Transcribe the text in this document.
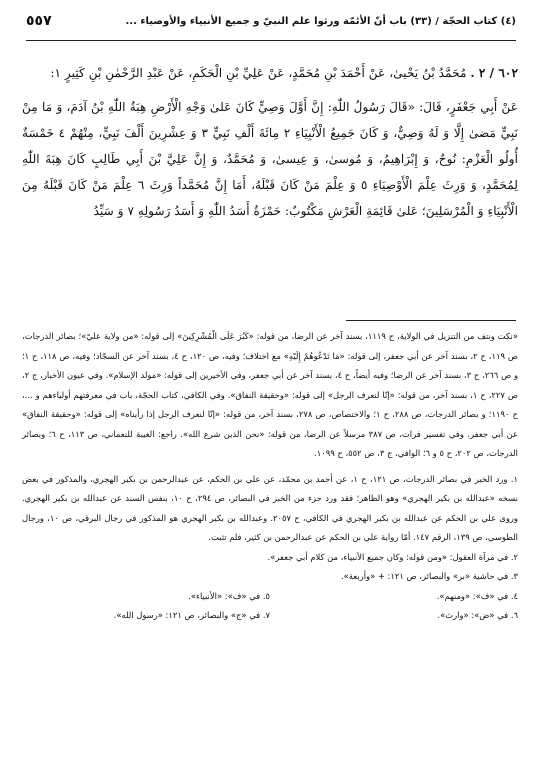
(٤) كتاب الحجّة / (٣٣) باب أنّ الأئمّة ورثوا علم النبيّ و جميع الأنبياء والأوصياء ...
٥٥٧

٦٠٢ / ٢ . مُحَمَّدُ بْنُ يَحْيىٰ، عَنْ أَحْمَدَ بْنِ مُحَمَّدٍ، عَنْ عَلِيِّ بْنِ الْحَكَمِ، عَنْ عَبْدِ الرَّحْمٰنِ بْنِ كَثِيرٍ ١:

عَنْ أَبِي جَعْفَرٍ، قَالَ: «قَالَ رَسُولُ اللّٰهِ: إِنَّ أَوَّلَ وَصِيٍّ كَانَ عَلىٰ وَجْهِ الْأَرْضِ هِبَةُ اللّٰهِ بْنُ آدَمَ، وَ مَا مِنْ نَبِيٍّ مَضىٰ إِلَّا وَ لَهُ وَصِيٌّ، وَ كَانَ جَمِيعُ الْأَنْبِيَاءِ ٢ مِائَةَ أَلْفِ نَبِيٍّ ٣ وَ عِشْرِينَ أَلْفَ نَبِيٍّ، مِنْهُمْ ٤ خَمْسَةٌ أُولُو الْعَزْمِ: نُوحٌ، وَ إِبْرَاهِيمُ، وَ مُوسىٰ، وَ عِيسىٰ، وَ مُحَمَّدٌ، وَ إِنَّ عَلِيَّ بْنَ أَبِي طَالِبٍ كَانَ هِبَةَ اللّٰهِ لِمُحَمَّدٍ، وَ وَرِثَ عِلْمَ الْأَوْصِيَاءِ ٥ وَ عِلْمَ مَنْ كَانَ قَبْلَهُ، أَمَا إِنَّ مُحَمَّداً وَرِثَ ٦ عِلْمَ مَنْ كَانَ قَبْلَهُ مِنَ الْأَنْبِيَاءِ وَ الْمُرْسَلِينَ؛ عَلىٰ قَائِمَةِ الْعَرْشِ مَكْتُوبٌ: حَمْزَةُ أَسَدُ اللّٰهِ وَ أَسَدُ رَسُولِهِ ٧ وَ سَيِّدُ

«نكت ونتف من التنزيل في الولاية، ح ١١١٩، بسند آخر عن الرضا، من قوله: «كَبُرَ عَلَى الْمُشْرِكِينَ» إلى قوله: «من ولاية عليّ»؛ بصائر الدرجات، ص ١١٩، ح ٢، بسند آخر عن أبي جعفر، إلى قوله: «مَا تَدْعُوهُمْ إِلَيْهِ» مع اختلاف؛ وفيه، ص ١٢٠، ح ٤، بسند آخر عن السجّاد؛ وفيه، ص ١١٨، ح ١؛ و ص ٢٦٦، ح ٣، بسند آخر عن الرضا؛ وفيه أيضاً، ح ٤، بسند آخر عن أبي جعفر، وفي الأخيرين إلى قوله: «مولد الإسلام». وفي عيون الأخبار، ج ٢، ص ٢٢٧، ح ١، بسند آخر، من قوله: «إنّا لنعرف الرجل» إلى قوله: «وحقيقة النفاق». وفي الكافي، كتاب الحجّة، باب في معرفتهم أولياءهم و ...، ح ١١٩٠؛ و بصائر الدرجات، ص ٢٨٨، ح ١؛ والاختصاص، ص ٢٧٨، بسند آخر، من قوله: «إنّا لنعرف الرجل إذا رأيناه» إلى قوله: «وحقيقة النفاق» عن أبي جعفر. وفي تفسير فرات، ص ٣٨٧ مرسلاً عن الرضا، من قوله: «نحن الذين شرع الله». راجع: الغيبة للنعماني، ص ١١٣، ح ٦؛ وبصائر الدرجات، ص ٢٠٢، ح ٥ و ٦؛ الوافي، ج ٣، ص ٥٥٢، ح ١٠٩٩.

١. ورد الخبر في بصائر الدرجات، ص ١٢١، ح ١، عن أحمد بن محمّد، عن علي بن الحكم، عن عبدالرحمن بن بكير الهجري، والمذكور في بعض نسخه «عبدالله بن بكير الهجري» وهو الظاهر؛ فقد ورد جزء من الخبر في البصائر، ص ٢٩٤، ح ١٠، بنفس السند عن عبدالله بن بكير الهجري. وروى علي بن الحكم عن عبدالله بن بكير الهجري في الكافي، ح ٢٠٥٧. وعبدالله بن بكير الهجري هو المذكور في رجال البرقي، ص ١٠، ورجال الطوسي، ص ١٣٩، الرقم ١٤٧. أمّا رواية علي بن الحكم عن عبدالرحمن بن كثير، فلم تثبت.

٢. في مرآة العقول: «ومن قوله: وكان جميع الأنبياء، من كلام أبي جعفر».

٣. في حاشية «بر» والبصائر، ص ١٢١: + «وأربعة».

٤. في «ف»: «ومنهم».

٥. في «ف»: «الأنبياء».

٦. في «ض»: «وارث».

٧. في «ج» والبصائر، ص ١٢١: «رسول الله».
